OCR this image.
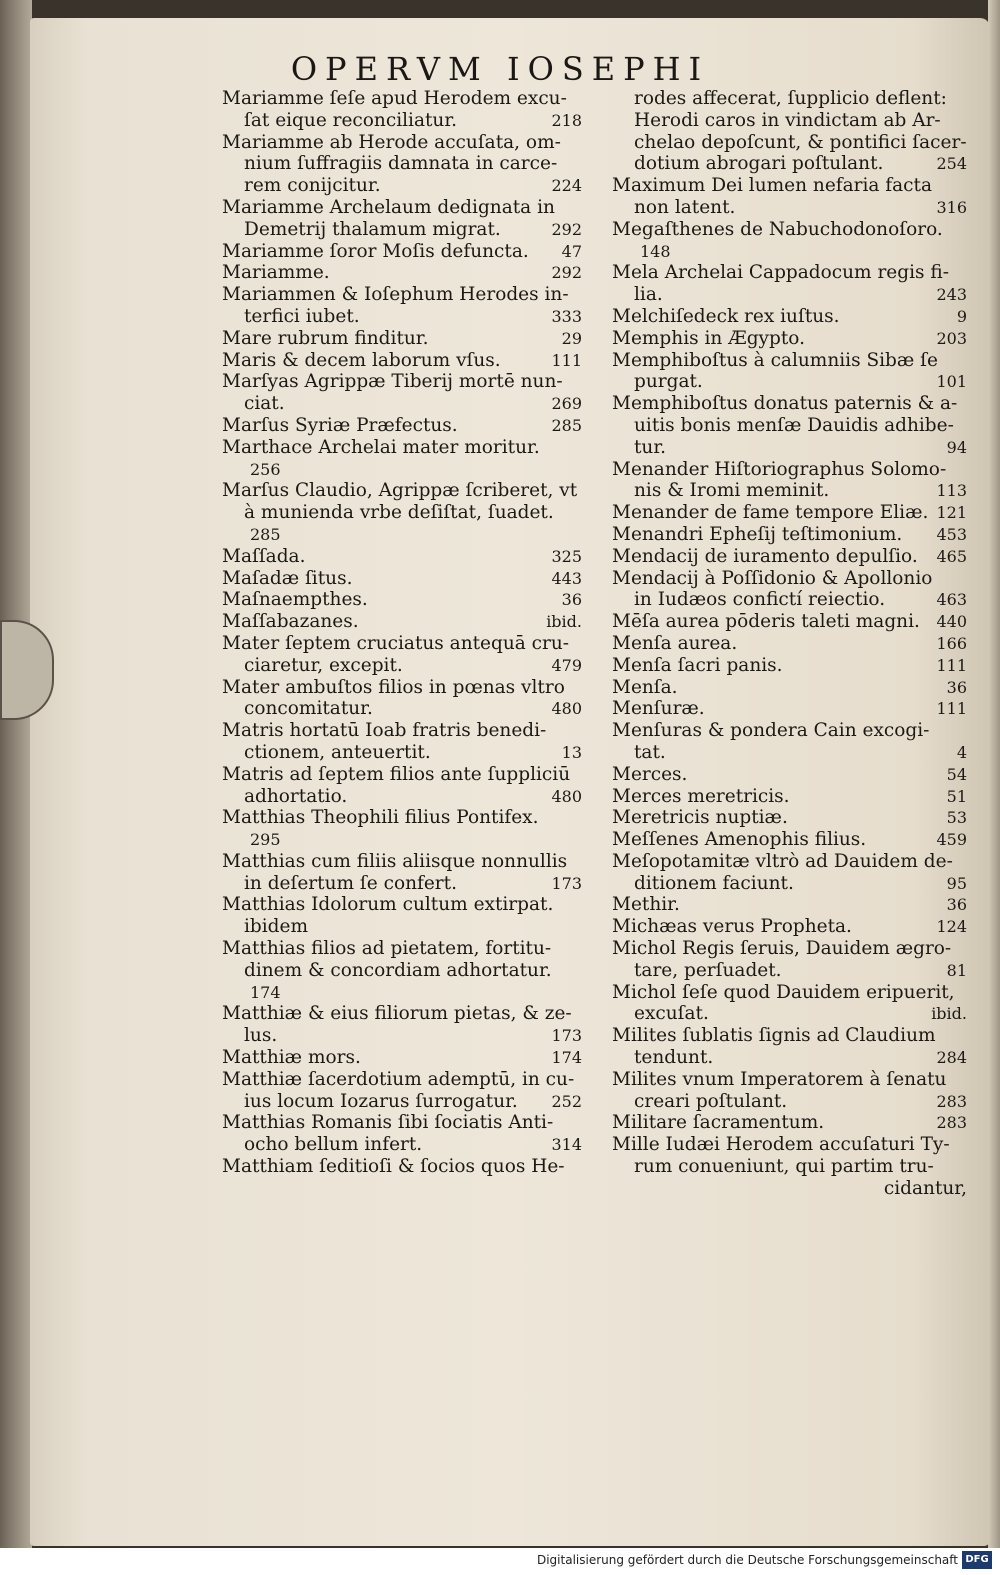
OPERVM IOSEPHI
Mariamme ſeſe apud Herodem excu-
ſat eique reconciliatur.	218
Mariamme ab Herode accuſata, om-
nium ſuffragiis damnata in carce-
rem conijcitur.	224
Mariamme Archelaum dedignata in
Demetrij thalamum migrat.	292
Mariamme ſoror Moſis defuncta. 47
Mariamme.	292
Mariammen & Ioſephum Herodes in-
terfici iubet.	333
Mare rubrum finditur.	29
Maris & decem laborum vſus.	111
Marſyas Agrippæ Tiberij mortē nun-
ciat.	269
Marſus Syriæ Præfectus.	285
Marthace Archelai mater moritur.
256
Marſus Claudio, Agrippæ ſcriberet, vt
à munienda vrbe deſiſtat, ſuadet.
285
Maſſada.	325
Maſadæ ſitus.	443
Maſnaempthes.	36
Maſſabazanes.	ibid.
Mater ſeptem cruciatus antequā cru-
ciaretur, excepit.	479
Mater ambuſtos filios in pœnas vltro
concomitatur.	480
Matris hortatū Ioab fratris benedi-
ctionem, anteuertit.	13
Matris ad ſeptem filios ante ſuppliciū
adhortatio.	480
Matthias Theophili filius Pontifex.
295
Matthias cum filiis aliisque nonnullis
in deſertum ſe confert.	173
Matthias Idolorum cultum extirpat.
ibidem
Matthias filios ad pietatem, fortitu-
dinem & concordiam adhortatur.
174
Matthiæ & eius filiorum pietas, & ze-
lus.	173
Matthiæ mors.	174
Matthiæ ſacerdotium ademptū, in cu-
ius locum Iozarus ſurrogatur. 252
Matthias Romanis ſibi ſociatis Anti-
ocho bellum infert.	314
Matthiam ſeditioſi & ſocios quos He-
rodes affecerat, ſupplicio deflent:
Herodi caros in vindictam ab Ar-
chelao depoſcunt, & pontifici ſacer-
dotium abrogari poſtulant.	254
Maximum Dei lumen nefaria facta
non latent.	316
Megaſthenes de Nabuchodonoſoro.
148
Mela Archelai Cappadocum regis fi-
lia.	243
Melchiſedeck rex iuſtus.	9
Memphis in Ægypto.	203
Memphiboſtus à calumniis Sibæ ſe
purgat.	101
Memphiboſtus donatus paternis & a-
uitis bonis menſæ Dauidis adhibe-
tur.	94
Menander Hiſtoriographus Solomo-
nis & Iromi meminit.	113
Menander de fame tempore Eliæ. 121
Menandri Epheſij teſtimonium. 453
Mendacij de iuramento depulſio. 465
Mendacij à Poſſidonio & Apollonio
in Iudæos confictí reiectio.	463
Mēſa aurea pōderis taleti magni. 440
Menſa aurea.	166
Menſa ſacri panis.	111
Menſa.	36
Menſuræ.	111
Menſuras & pondera Cain excogi-
tat.	4
Merces.	54
Merces meretricis.	51
Meretricis nuptiæ.	53
Meſſenes Amenophis filius.	459
Meſopotamitæ vltrò ad Dauidem de-
ditionem faciunt.	95
Methir.	36
Michæas verus Propheta.	124
Michol Regis ſeruis, Dauidem ægro-
tare, perſuadet.	81
Michol ſeſe quod Dauidem eripuerit,
excuſat.	ibid.
Milites ſublatis ſignis ad Claudium
tendunt.	284
Milites vnum Imperatorem à ſenatu
creari poſtulant.	283
Militare ſacramentum.	283
Mille Iudæi Herodem accuſaturi Ty-
rum conueniunt, qui partim tru-
cidantur,
Digitalisierung gefördert durch die Deutsche Forschungsgemeinschaft DFG
